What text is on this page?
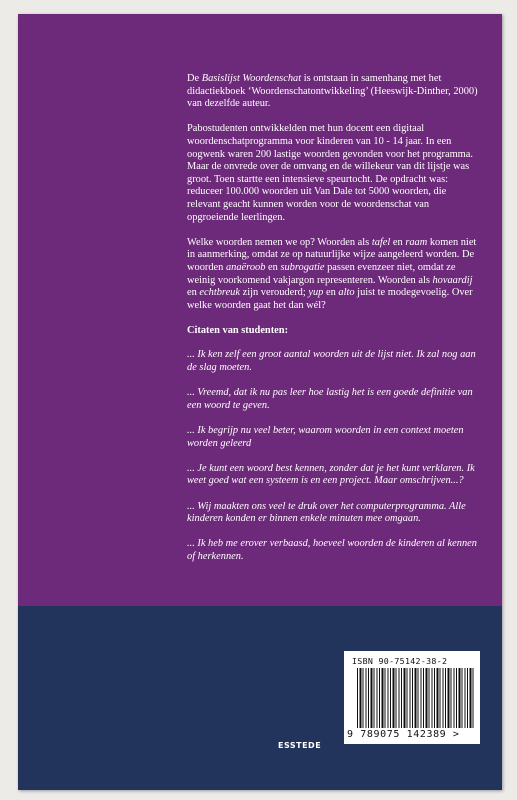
De Basislijst Woordenschat is ontstaan in samenhang met het didactiekboek ‘Woordenschatontwikkeling’ (Heeswijk-Dinther, 2000) van dezelfde auteur.

Pabostudenten ontwikkelden met hun docent een digitaal woordenschatprogramma voor kinderen van 10 - 14 jaar. In een oogwenk waren 200 lastige woorden gevonden voor het programma. Maar de onvrede over de omvang en de willekeur van dit lijstje was groot. Toen startte een intensieve speurtocht. De opdracht was: reduceer 100.000 woorden uit Van Dale tot 5000 woorden, die relevant geacht kunnen worden voor de woordenschat van opgroeiende leerlingen.

Welke woorden nemen we op? Woorden als tafel en raam komen niet in aanmerking, omdat ze op natuurlijke wijze aangeleerd worden. De woorden anaëroob en subrogatie passen evenzeer niet, omdat ze weinig voorkomend vakjargon representeren. Woorden als hovaardij en echtbreuk zijn verouderd; yup en alto juist te modegevoelig. Over welke woorden gaat het dan wél?

Citaten van studenten:

... Ik ken zelf een groot aantal woorden uit de lijst niet. Ik zal nog aan de slag moeten.

... Vreemd, dat ik nu pas leer hoe lastig het is een goede definitie van een woord te geven.

... Ik begrijp nu veel beter, waarom woorden in een context moeten worden geleerd

... Je kunt een woord best kennen, zonder dat je het kunt verklaren. Ik weet goed wat een systeem is en een project. Maar omschrijven...?

... Wij maakten ons veel te druk over het computerprogramma. Alle kinderen konden er binnen enkele minuten mee omgaan.

... Ik heb me erover verbaasd, hoeveel woorden de kinderen al kennen of herkennen.

ISBN 90-75142-38-2
9 789075 142389 >
ESSTEDE
